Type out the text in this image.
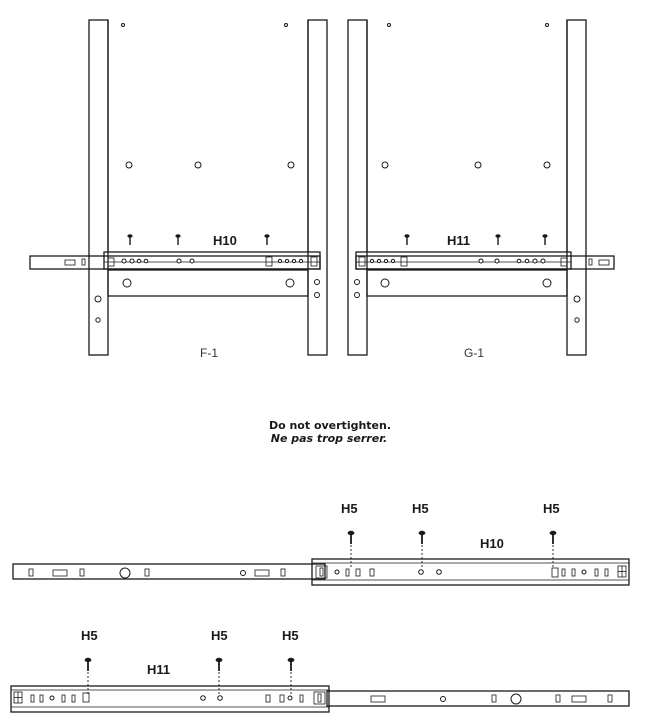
H10
F-1
H11
G-1
Do not overtighten.
Ne pas trop serrer.
H5	H5	H5
H10
H5	H5	H5
H11
